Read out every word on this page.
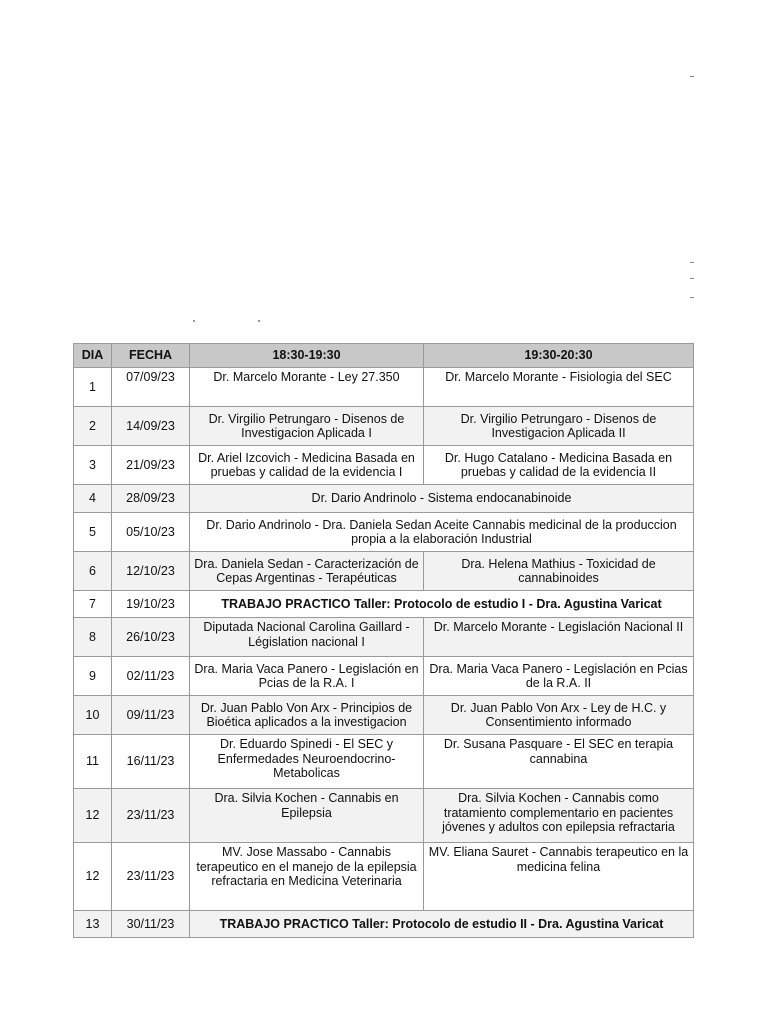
DIA	FECHA	18:30-19:30	19:30-20:30
1	07/09/23	Dr. Marcelo Morante - Ley 27.350	Dr. Marcelo Morante - Fisiologia del SEC
2	14/09/23	Dr. Virgilio Petrungaro - Disenos de Investigacion Aplicada I	Dr. Virgilio Petrungaro - Disenos de Investigacion Aplicada II
3	21/09/23	Dr. Ariel Izcovich - Medicina Basada en pruebas y calidad de la evidencia I	Dr. Hugo Catalano - Medicina Basada en pruebas y calidad de la evidencia II
4	28/09/23	Dr. Dario Andrinolo - Sistema endocanabinoide	
5	05/10/23	Dr. Dario Andrinolo - Dra. Daniela Sedan Aceite Cannabis medicinal de la produccion propia a la elaboración Industrial	
6	12/10/23	Dra. Daniela Sedan - Caracterización de Cepas Argentinas - Terapéuticas	Dra. Helena Mathius - Toxicidad de cannabinoides
7	19/10/23	TRABAJO PRACTICO Taller: Protocolo de estudio I - Dra. Agustina Varicat	
8	26/10/23	Diputada Nacional Carolina Gaillard - Législation nacional I	Dr. Marcelo Morante - Legislación Nacional II
9	02/11/23	Dra. Maria Vaca Panero - Legislación en Pcias de la R.A. I	Dra. Maria Vaca Panero - Legislación en Pcias de la R.A. II
10	09/11/23	Dr. Juan Pablo Von Arx - Principios de Bioética aplicados a la investigacion	Dr. Juan Pablo Von Arx - Ley de H.C. y Consentimiento informado
11	16/11/23	Dr. Eduardo Spinedi - El SEC y Enfermedades Neuroendocrino-Metabolicas	Dr. Susana Pasquare - El SEC en terapia cannabina
12	23/11/23	Dra. Silvia Kochen - Cannabis en Epilepsia	Dra. Silvia Kochen - Cannabis como tratamiento complementario en pacientes jóvenes y adultos con epilepsia refractaria
12	23/11/23	MV. Jose Massabo - Cannabis terapeutico en el manejo de la epilepsia refractaria en Medicina Veterinaria	MV. Eliana Sauret - Cannabis terapeutico en la medicina felina
13	30/11/23	TRABAJO PRACTICO Taller: Protocolo de estudio II - Dra. Agustina Varicat	
